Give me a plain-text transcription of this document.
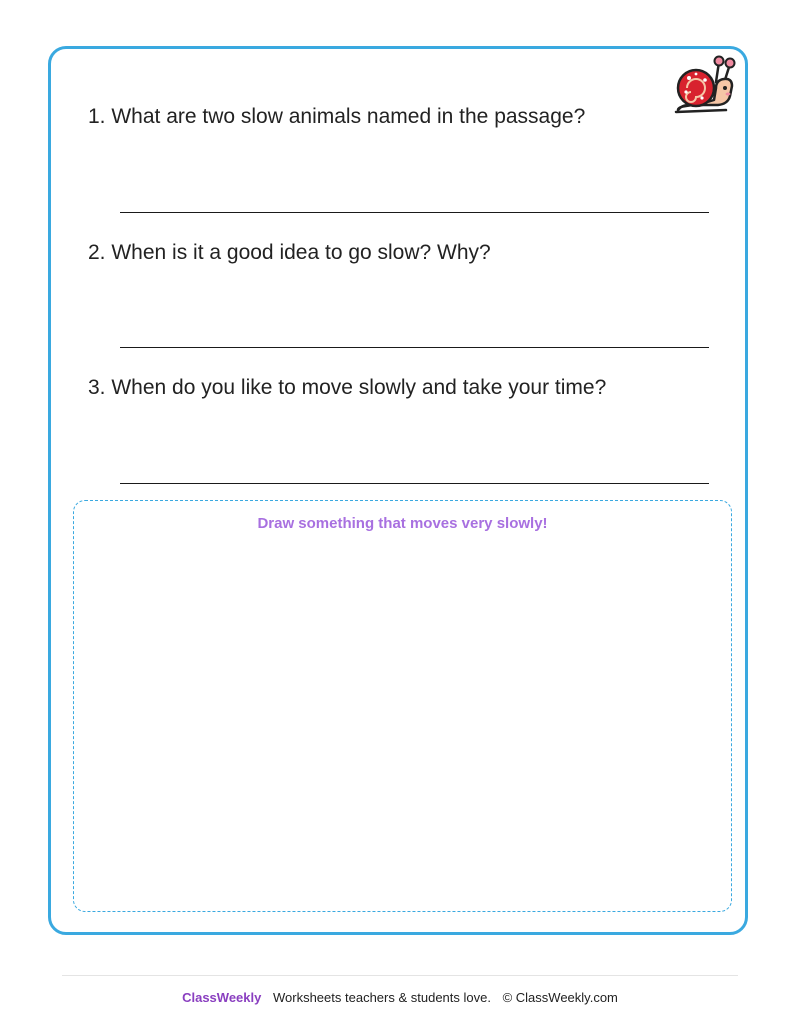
1. What are two slow animals named in the passage?
2. When is it a good idea to go slow? Why?
3. When do you like to move slowly and take your time?
Draw something that moves very slowly!
ClassWeekly Worksheets teachers & students love. © ClassWeekly.com
